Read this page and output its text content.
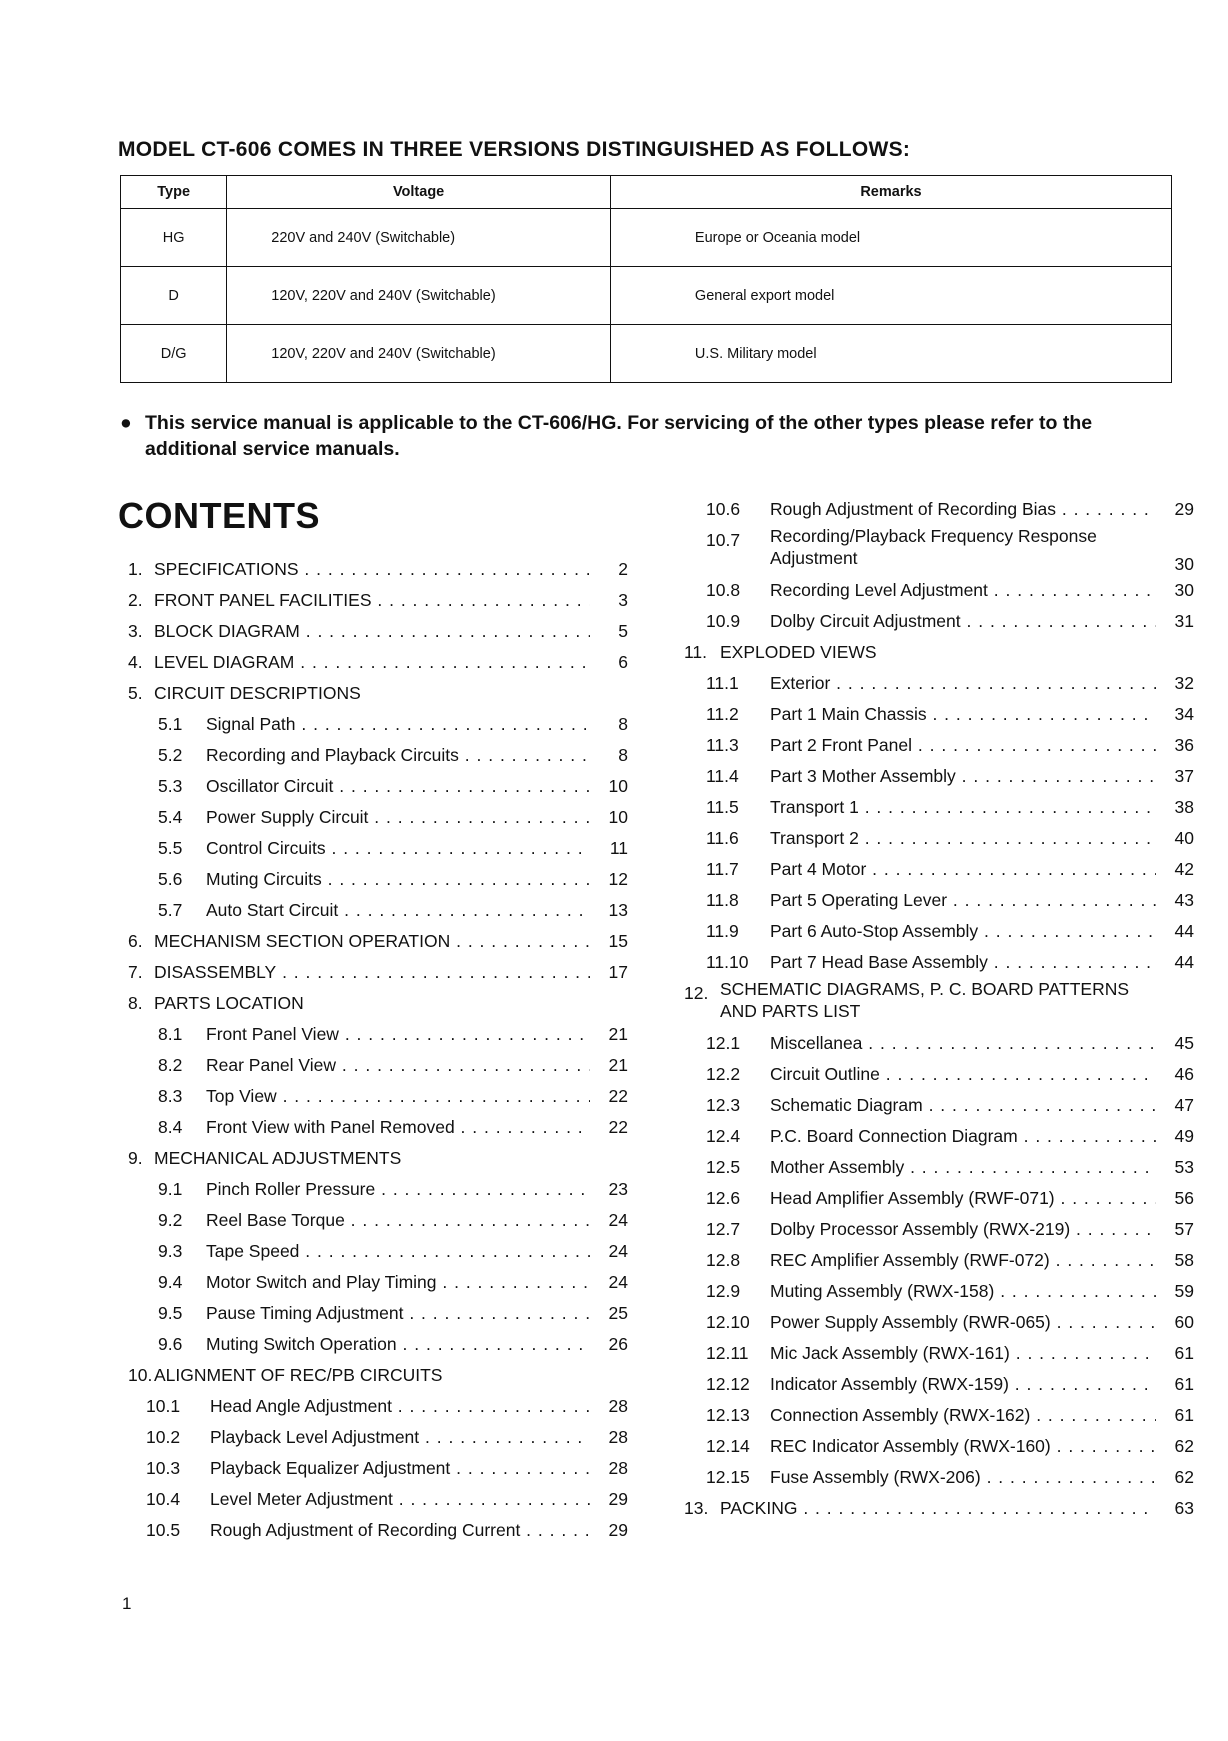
MODEL CT-606 COMES IN THREE VERSIONS DISTINGUISHED AS FOLLOWS:
Type	Voltage	Remarks
HG	220V and 240V (Switchable)	Europe or Oceania model
D	120V, 220V and 240V (Switchable)	General export model
D/G	120V, 220V and 240V (Switchable)	U.S. Military model
● This service manual is applicable to the CT-606/HG. For servicing of the other types please refer to the additional service manuals.
CONTENTS
1. SPECIFICATIONS . . .	2
2. FRONT PANEL FACILITIES . . .	3
3. BLOCK DIAGRAM . . .	5
4. LEVEL DIAGRAM . . .	6
5. CIRCUIT DESCRIPTIONS
5.1 Signal Path . . .	8
5.2 Recording and Playback Circuits . . .	8
5.3 Oscillator Circuit . . .	10
5.4 Power Supply Circuit . . .	10
5.5 Control Circuits . . .	11
5.6 Muting Circuits . . .	12
5.7 Auto Start Circuit . . .	13
6. MECHANISM SECTION OPERATION . . .	15
7. DISASSEMBLY . . .	17
8. PARTS LOCATION
8.1 Front Panel View . . .	21
8.2 Rear Panel View . . .	21
8.3 Top View . . .	22
8.4 Front View with Panel Removed . . .	22
9. MECHANICAL ADJUSTMENTS
9.1 Pinch Roller Pressure . . .	23
9.2 Reel Base Torque . . .	24
9.3 Tape Speed . . .	24
9.4 Motor Switch and Play Timing . . .	24
9.5 Pause Timing Adjustment . . .	25
9.6 Muting Switch Operation . . .	26
10. ALIGNMENT OF REC/PB CIRCUITS
10.1 Head Angle Adjustment . . .	28
10.2 Playback Level Adjustment . . .	28
10.3 Playback Equalizer Adjustment . . .	28
10.4 Level Meter Adjustment . . .	29
10.5 Rough Adjustment of Recording Current . . .	29
10.6 Rough Adjustment of Recording Bias . . .	29
10.7 Recording/Playback Frequency Response Adjustment	30
10.8 Recording Level Adjustment . . .	30
10.9 Dolby Circuit Adjustment . . .	31
11. EXPLODED VIEWS
11.1 Exterior . . .	32
11.2 Part 1 Main Chassis . . .	34
11.3 Part 2 Front Panel . . .	36
11.4 Part 3 Mother Assembly . . .	37
11.5 Transport 1 . . .	38
11.6 Transport 2 . . .	40
11.7 Part 4 Motor . . .	42
11.8 Part 5 Operating Lever . . .	43
11.9 Part 6 Auto-Stop Assembly . . .	44
11.10 Part 7 Head Base Assembly . . .	44
12. SCHEMATIC DIAGRAMS, P. C. BOARD PATTERNS AND PARTS LIST
12.1 Miscellanea . . .	45
12.2 Circuit Outline . . .	46
12.3 Schematic Diagram . . .	47
12.4 P.C. Board Connection Diagram . . .	49
12.5 Mother Assembly . . .	53
12.6 Head Amplifier Assembly (RWF-071) . . .	56
12.7 Dolby Processor Assembly (RWX-219) . . .	57
12.8 REC Amplifier Assembly (RWF-072) . . .	58
12.9 Muting Assembly (RWX-158) . . .	59
12.10 Power Supply Assembly (RWR-065) . . .	60
12.11 Mic Jack Assembly (RWX-161) . . .	61
12.12 Indicator Assembly (RWX-159) . . .	61
12.13 Connection Assembly (RWX-162) . . .	61
12.14 REC Indicator Assembly (RWX-160) . . .	62
12.15 Fuse Assembly (RWX-206) . . .	62
13. PACKING . . .	63
1
